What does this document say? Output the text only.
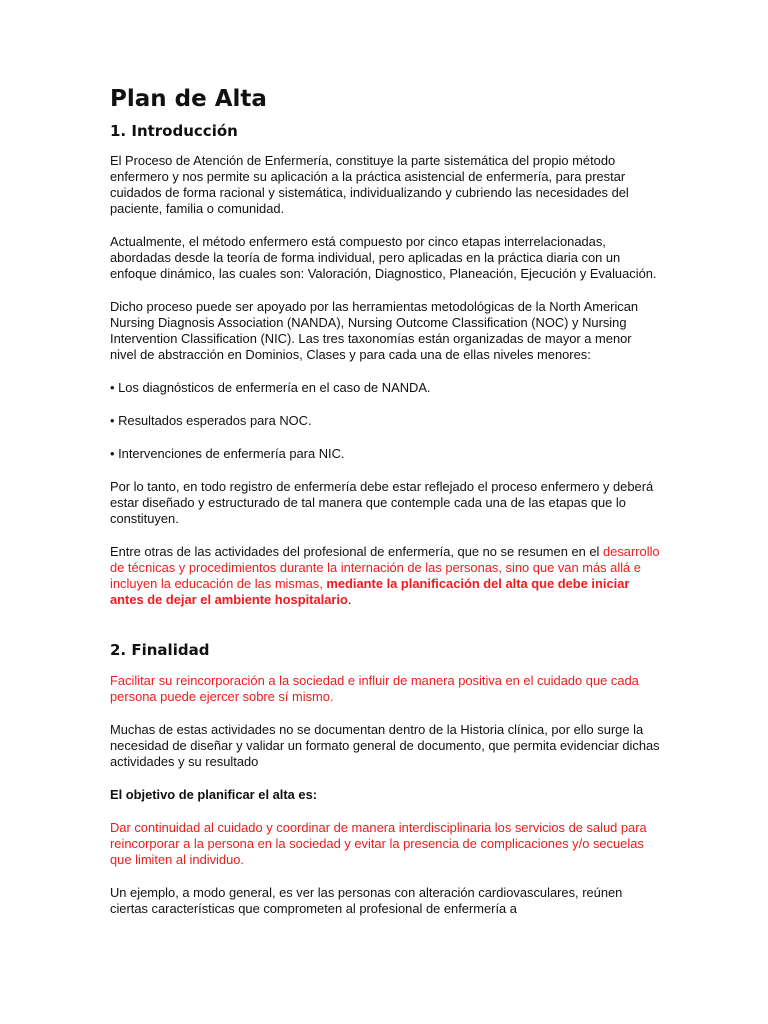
Plan de Alta
1. Introducción

El Proceso de Atención de Enfermería, constituye la parte sistemática del propio método enfermero y nos permite su aplicación a la práctica asistencial de enfermería, para prestar cuidados de forma racional y sistemática, individualizando y cubriendo las necesidades del paciente, familia o comunidad.

Actualmente, el método enfermero está compuesto por cinco etapas interrelacionadas, abordadas desde la teoría de forma individual, pero aplicadas en la práctica diaria con un enfoque dinámico, las cuales son: Valoración, Diagnostico, Planeación, Ejecución y Evaluación.

Dicho proceso puede ser apoyado por las herramientas metodológicas de la North American Nursing Diagnosis Association (NANDA), Nursing Outcome Classification (NOC) y Nursing Intervention Classification (NIC). Las tres taxonomías están organizadas de mayor a menor nivel de abstracción en Dominios, Clases y para cada una de ellas niveles menores:

• Los diagnósticos de enfermería en el caso de NANDA.

• Resultados esperados para NOC.

• Intervenciones de enfermería para NIC.

Por lo tanto, en todo registro de enfermería debe estar reflejado el proceso enfermero y deberá estar diseñado y estructurado de tal manera que contemple cada una de las etapas que lo constituyen.

Entre otras de las actividades del profesional de enfermería, que no se resumen en el desarrollo de técnicas y procedimientos durante la internación de las personas, sino que van más allá e incluyen la educación de las mismas, mediante la planificación del alta que debe iniciar antes de dejar el ambiente hospitalario.

2. Finalidad

Facilitar su reincorporación a la sociedad e influir de manera positiva en el cuidado que cada persona puede ejercer sobre sí mismo.

Muchas de estas actividades no se documentan dentro de la Historia clínica, por ello surge la necesidad de diseñar y validar un formato general de documento, que permita evidenciar dichas actividades y su resultado

El objetivo de planificar el alta es:

Dar continuidad al cuidado y coordinar de manera interdisciplinaria los servicios de salud para reincorporar a la persona en la sociedad y evitar la presencia de complicaciones y/o secuelas que limiten al individuo.

Un ejemplo, a modo general, es ver las personas con alteración cardiovasculares, reúnen ciertas características que comprometen al profesional de enfermería a
